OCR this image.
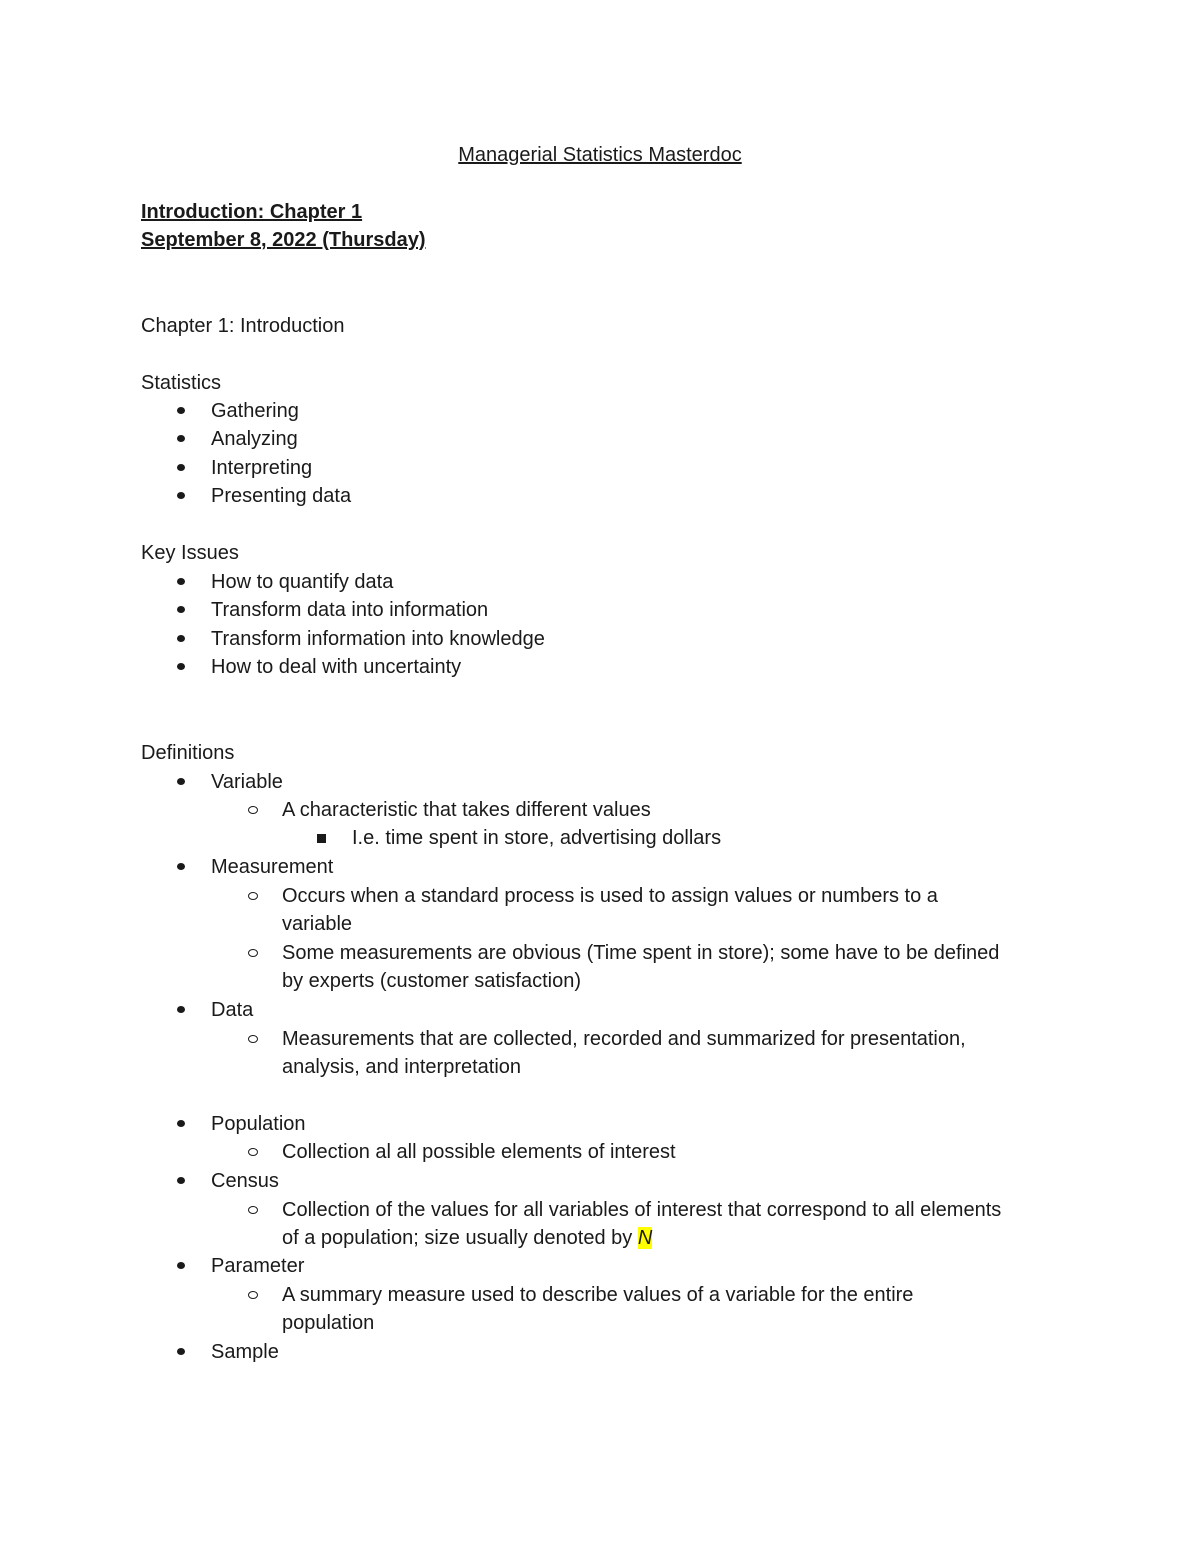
Managerial Statistics Masterdoc
Introduction: Chapter 1
September 8, 2022 (Thursday)
Chapter 1: Introduction
Statistics
Gathering
Analyzing
Interpreting
Presenting data
Key Issues
How to quantify data
Transform data into information
Transform information into knowledge
How to deal with uncertainty
Definitions
Variable
A characteristic that takes different values
I.e. time spent in store, advertising dollars
Measurement
Occurs when a standard process is used to assign values or numbers to a
variable
Some measurements are obvious (Time spent in store); some have to be defined
by experts (customer satisfaction)
Data
Measurements that are collected, recorded and summarized for presentation,
analysis, and interpretation
Population
Collection al all possible elements of interest
Census
Collection of the values for all variables of interest that correspond to all elements
of a population; size usually denoted by N
Parameter
A summary measure used to describe values of a variable for the entire
population
Sample
